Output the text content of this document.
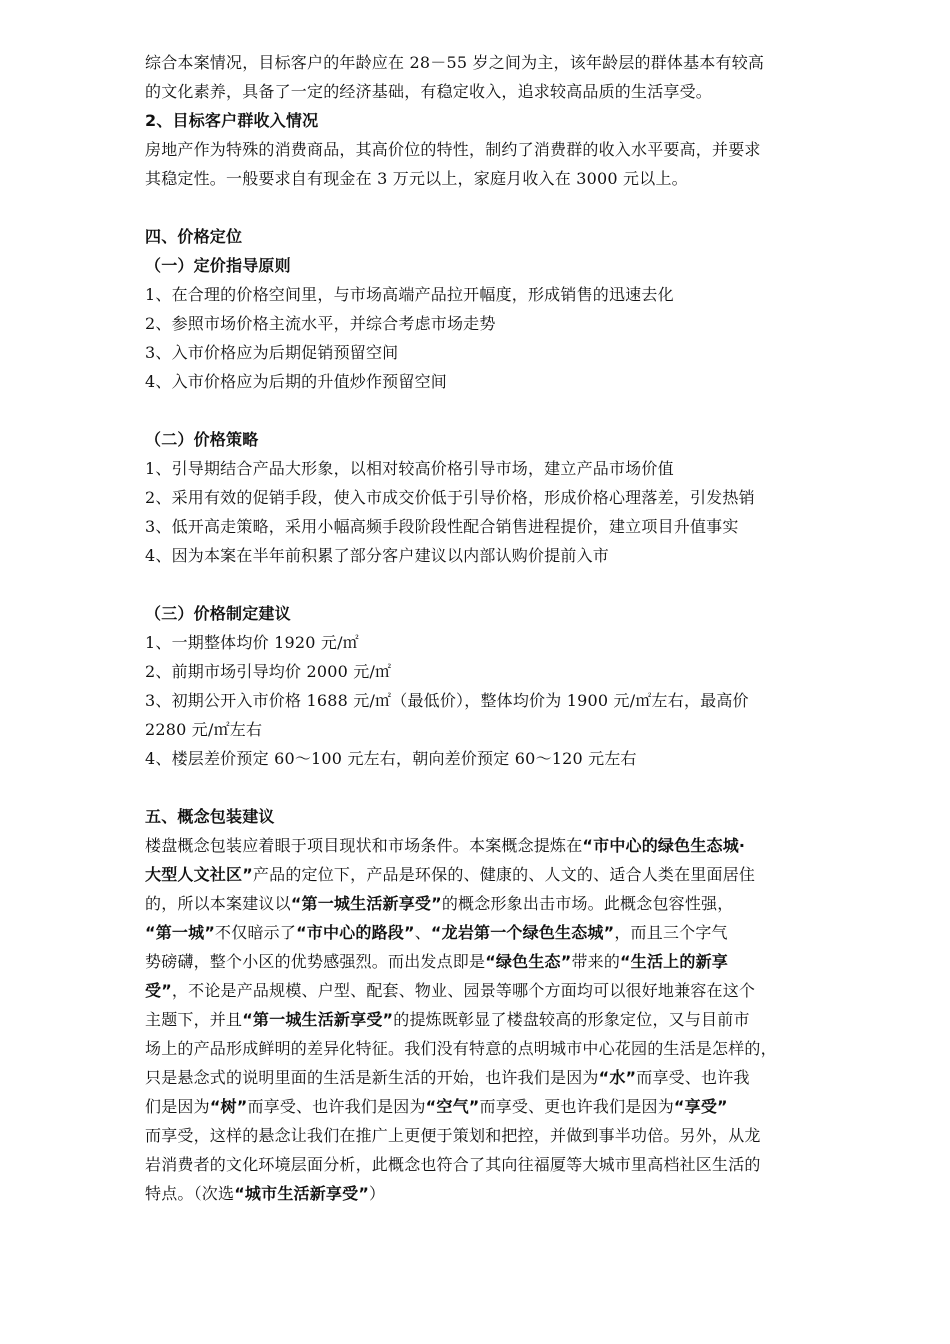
综合本案情况，目标客户的年龄应在 28－55 岁之间为主，该年龄层的群体基本有较高
的文化素养，具备了一定的经济基础，有稳定收入，追求较高品质的生活享受。
2、目标客户群收入情况
房地产作为特殊的消费商品，其高价位的特性，制约了消费群的收入水平要高，并要求
其稳定性。一般要求自有现金在 3 万元以上，家庭月收入在 3000 元以上。
四、价格定位
（一）定价指导原则
1、在合理的价格空间里，与市场高端产品拉开幅度，形成销售的迅速去化
2、参照市场价格主流水平，并综合考虑市场走势
3、入市价格应为后期促销预留空间
4、入市价格应为后期的升值炒作预留空间
（二）价格策略
1、引导期结合产品大形象，以相对较高价格引导市场，建立产品市场价值
2、采用有效的促销手段，使入市成交价低于引导价格，形成价格心理落差，引发热销
3、低开高走策略，采用小幅高频手段阶段性配合销售进程提价，建立项目升值事实
4、因为本案在半年前积累了部分客户建议以内部认购价提前入市
（三）价格制定建议
1、一期整体均价 1920 元/㎡
2、前期市场引导均价 2000 元/㎡
3、初期公开入市价格 1688 元/㎡（最低价），整体均价为 1900 元/㎡左右，最高价
2280 元/㎡左右
4、楼层差价预定 60～100 元左右，朝向差价预定 60～120 元左右
五、概念包装建议
楼盘概念包装应着眼于项目现状和市场条件。本案概念提炼在“市中心的绿色生态城·
大型人文社区”产品的定位下，产品是环保的、健康的、人文的、适合人类在里面居住
的，所以本案建议以“第一城生活新享受”的概念形象出击市场。此概念包容性强，
“第一城”不仅暗示了“市中心的路段”、“龙岩第一个绿色生态城”，而且三个字气
势磅礴，整个小区的优势感强烈。而出发点即是“绿色生态”带来的“生活上的新享
受”，不论是产品规模、户型、配套、物业、园景等哪个方面均可以很好地兼容在这个
主题下，并且“第一城生活新享受”的提炼既彰显了楼盘较高的形象定位，又与目前市
场上的产品形成鲜明的差异化特征。我们没有特意的点明城市中心花园的生活是怎样的，
只是悬念式的说明里面的生活是新生活的开始，也许我们是因为“水”而享受、也许我
们是因为“树”而享受、也许我们是因为“空气”而享受、更也许我们是因为“享受”
而享受，这样的悬念让我们在推广上更便于策划和把控，并做到事半功倍。另外，从龙
岩消费者的文化环境层面分析，此概念也符合了其向往福厦等大城市里高档社区生活的
特点。（次选“城市生活新享受”）
